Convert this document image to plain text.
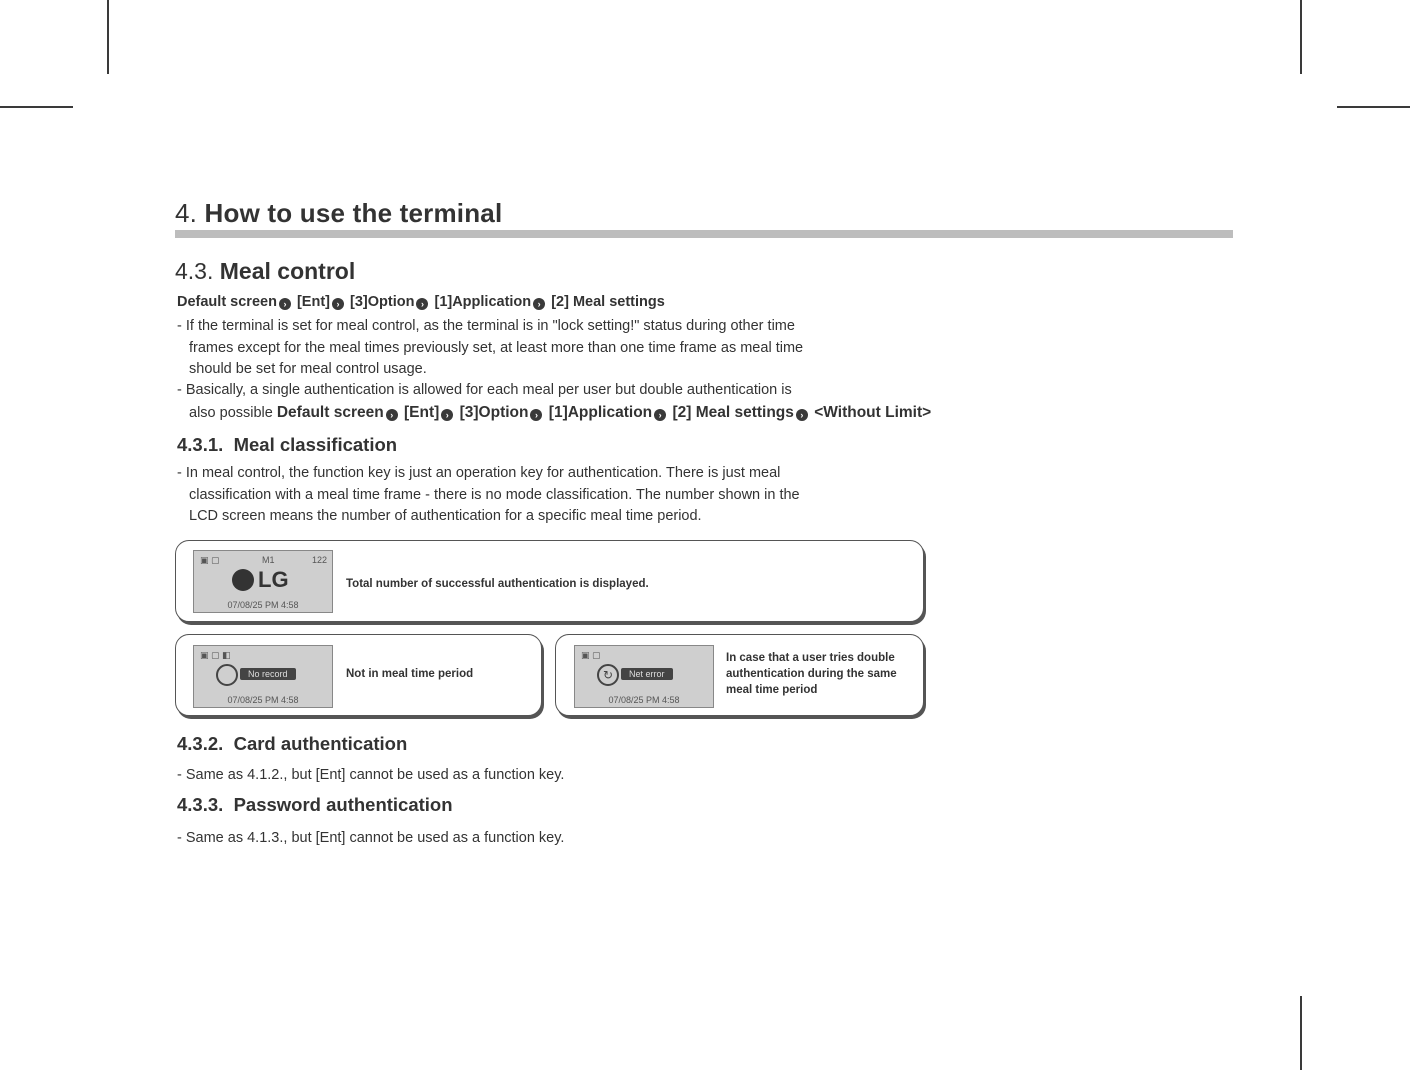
4. How to use the terminal
4.3. Meal control
Default screen › [Ent] › [3]Option › [1]Application › [2] Meal settings
- If the terminal is set for meal control, as the terminal is in "lock setting!" status during other time
frames except for the meal times previously set, at least more than one time frame as meal time
should be set for meal control usage.
- Basically, a single authentication is allowed for each meal per user but double authentication is
also possible Default screen › [Ent] › [3]Option › [1]Application › [2] Meal settings › <Without Limit>
4.3.1. Meal classification
- In meal control, the function key is just an operation key for authentication. There is just meal
classification with a meal time frame - there is no mode classification. The number shown in the
LCD screen means the number of authentication for a specific meal time period.
▣ ▢	M1	122
LG
07/08/25 PM 4:58
Total number of successful authentication is displayed.
▣ ▢ ◧
No record
07/08/25 PM 4:58
Not in meal time period
▣ ▢
↻	Net error
07/08/25 PM 4:58
In case that a user tries double
authentication during the same
meal time period
4.3.2. Card authentication
- Same as 4.1.2., but [Ent] cannot be used as a function key.
4.3.3. Password authentication
- Same as 4.1.3., but [Ent] cannot be used as a function key.
